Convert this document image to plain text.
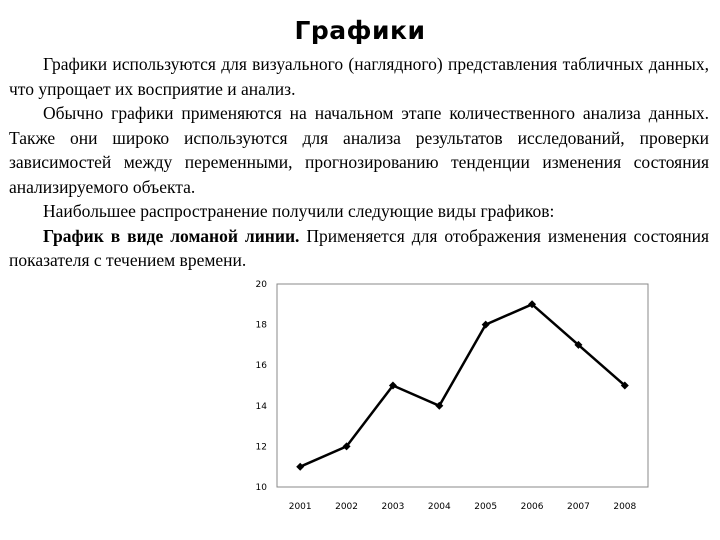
Графики

Графики используются для визуального (наглядного) представления табличных данных, что упрощает их восприятие и анализ.

Обычно графики применяются на начальном этапе количественного анализа данных. Также они широко используются для анализа результатов исследований, проверки зависимостей между переменными, прогнозированию тенденции изменения состояния анализируемого объекта.

Наибольшее распространение получили следующие виды графиков:

График в виде ломаной линии. Применяется для отображения изменения состояния показателя с течением времени.

10
12
14
16
18
20
2001	2002	2003	2004	2005	2006	2007	2008
